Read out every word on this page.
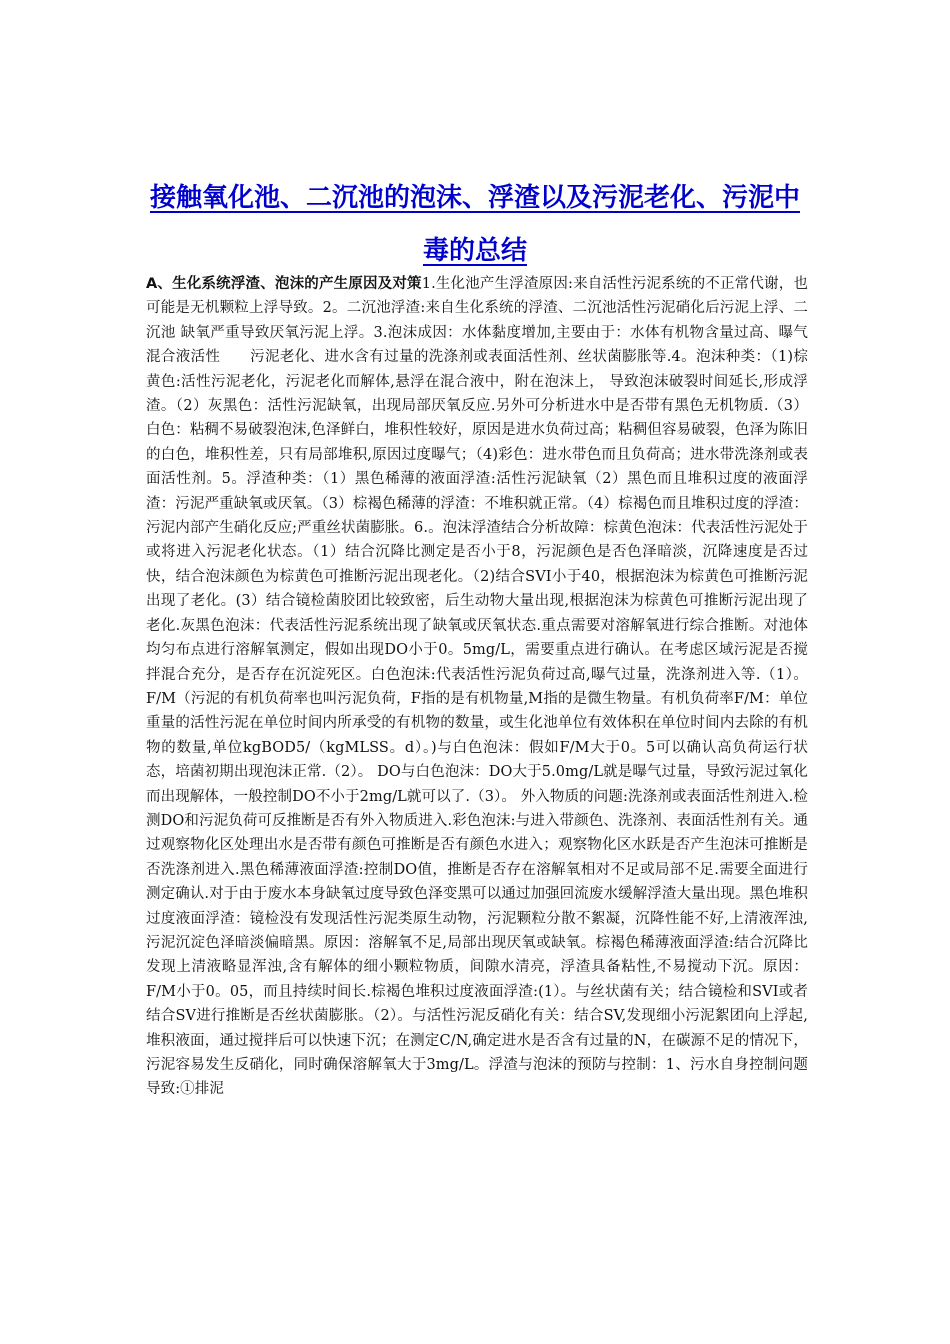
接触氧化池、二沉池的泡沫、浮渣以及污泥老化、污泥中毒的总结
A、生化系统浮渣、泡沫的产生原因及对策1.生化池产生浮渣原因:来自活性污泥系统的不正常代谢，也可能是无机颗粒上浮导致。2。二沉池浮渣:来自生化系统的浮渣、二沉池活性污泥硝化后污泥上浮、二沉池 缺氧严重导致厌氧污泥上浮。3.泡沫成因：水体黏度增加,主要由于：水体有机物含量过高、曝气混合液活性　　污泥老化、进水含有过量的洗涤剂或表面活性剂、丝状菌膨胀等.4。泡沫种类：（1)棕黄色:活性污泥老化，污泥老化而解体,悬浮在混合液中，附在泡沫上， 导致泡沫破裂时间延长,形成浮渣。（2）灰黑色：活性污泥缺氧，出现局部厌氧反应.另外可分析进水中是否带有黑色无机物质.（3）白色：粘稠不易破裂泡沫,色泽鲜白，堆积性较好，原因是进水负荷过高；粘稠但容易破裂，色泽为陈旧的白色，堆积性差，只有局部堆积,原因过度曝气；（4)彩色：进水带色而且负荷高；进水带洗涤剂或表面活性剂。5。浮渣种类：（1）黑色稀薄的液面浮渣:活性污泥缺氧（2）黑色而且堆积过度的液面浮渣：污泥严重缺氧或厌氧。（3）棕褐色稀薄的浮渣：不堆积就正常。（4）棕褐色而且堆积过度的浮渣：污泥内部产生硝化反应;严重丝状菌膨胀。6.。泡沫浮渣结合分析故障：棕黄色泡沫：代表活性污泥处于或将进入污泥老化状态。（1）结合沉降比测定是否小于8，污泥颜色是否色泽暗淡，沉降速度是否过快，结合泡沫颜色为棕黄色可推断污泥出现老化。（2)结合SVI小于40，根据泡沫为棕黄色可推断污泥出现了老化。(3）结合镜检菌胶团比较致密，后生动物大量出现,根据泡沫为棕黄色可推断污泥出现了老化.灰黑色泡沫：代表活性污泥系统出现了缺氧或厌氧状态.重点需要对溶解氧进行综合推断。对池体均匀布点进行溶解氧测定，假如出现DO小于0。5mg/L，需要重点进行确认。在考虑区域污泥是否搅拌混合充分，是否存在沉淀死区。白色泡沫:代表活性污泥负荷过高,曝气过量，洗涤剂进入等.（1）。 F/M（污泥的有机负荷率也叫污泥负荷，F指的是有机物量,M指的是微生物量。有机负荷率F/M：单位重量的活性污泥在单位时间内所承受的有机物的数量，或生化池单位有效体积在单位时间内去除的有机物的数量,单位kgBOD5/（kgMLSS。d）。)与白色泡沫：假如F/M大于0。5可以确认高负荷运行状态，培菌初期出现泡沫正常.（2）。 DO与白色泡沫：DO大于5.0mg/L就是曝气过量，导致污泥过氧化而出现解体，一般控制DO不小于2mg/L就可以了.（3）。 外入物质的问题:洗涤剂或表面活性剂进入.检测DO和污泥负荷可反推断是否有外入物质进入.彩色泡沫:与进入带颜色、洗涤剂、表面活性剂有关。通过观察物化区处理出水是否带有颜色可推断是否有颜色水进入；观察物化区水跃是否产生泡沫可推断是否洗涤剂进入.黑色稀薄液面浮渣:控制DO值，推断是否存在溶解氧相对不足或局部不足.需要全面进行测定确认.对于由于废水本身缺氧过度导致色泽变黑可以通过加强回流废水缓解浮渣大量出现。黑色堆积过度液面浮渣：镜检没有发现活性污泥类原生动物，污泥颗粒分散不絮凝，沉降性能不好,上清液浑浊,污泥沉淀色泽暗淡偏暗黑。原因：溶解氧不足,局部出现厌氧或缺氧。棕褐色稀薄液面浮渣:结合沉降比发现上清液略显浑浊,含有解体的细小颗粒物质，间隙水清亮，浮渣具备粘性,不易搅动下沉。原因：F/M小于0。05，而且持续时间长.棕褐色堆积过度液面浮渣:(1）。与丝状菌有关；结合镜检和SVI或者结合SV进行推断是否丝状菌膨胀。（2）。与活性污泥反硝化有关：结合SV,发现细小污泥絮团向上浮起,堆积液面，通过搅拌后可以快速下沉；在测定C/N,确定进水是否含有过量的N，在碳源不足的情况下，污泥容易发生反硝化，同时确保溶解氧大于3mg/L。浮渣与泡沫的预防与控制：1、污水自身控制问题导致:①排泥
